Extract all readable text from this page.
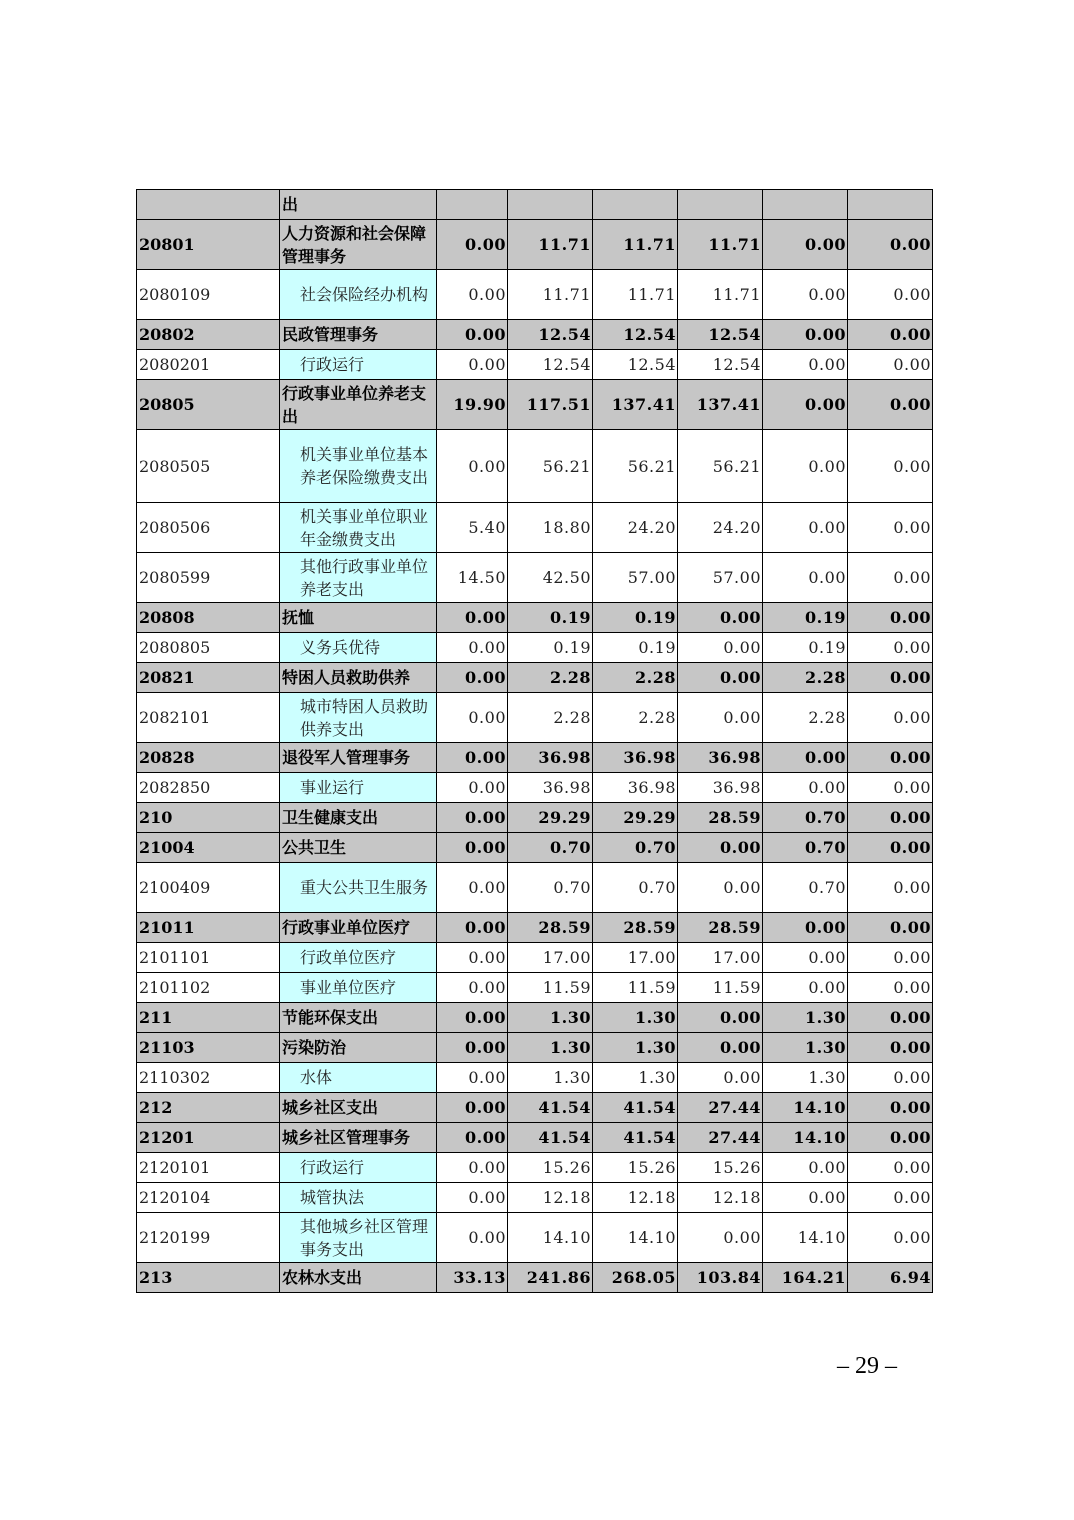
	出						
20801	人力资源和社会保障管理事务	0.00	11.71	11.71	11.71	0.00	0.00
2080109	社会保险经办机构	0.00	11.71	11.71	11.71	0.00	0.00
20802	民政管理事务	0.00	12.54	12.54	12.54	0.00	0.00
2080201	行政运行	0.00	12.54	12.54	12.54	0.00	0.00
20805	行政事业单位养老支出	19.90	117.51	137.41	137.41	0.00	0.00
2080505	机关事业单位基本养老保险缴费支出	0.00	56.21	56.21	56.21	0.00	0.00
2080506	机关事业单位职业年金缴费支出	5.40	18.80	24.20	24.20	0.00	0.00
2080599	其他行政事业单位养老支出	14.50	42.50	57.00	57.00	0.00	0.00
20808	抚恤	0.00	0.19	0.19	0.00	0.19	0.00
2080805	义务兵优待	0.00	0.19	0.19	0.00	0.19	0.00
20821	特困人员救助供养	0.00	2.28	2.28	0.00	2.28	0.00
2082101	城市特困人员救助供养支出	0.00	2.28	2.28	0.00	2.28	0.00
20828	退役军人管理事务	0.00	36.98	36.98	36.98	0.00	0.00
2082850	事业运行	0.00	36.98	36.98	36.98	0.00	0.00
210	卫生健康支出	0.00	29.29	29.29	28.59	0.70	0.00
21004	公共卫生	0.00	0.70	0.70	0.00	0.70	0.00
2100409	重大公共卫生服务	0.00	0.70	0.70	0.00	0.70	0.00
21011	行政事业单位医疗	0.00	28.59	28.59	28.59	0.00	0.00
2101101	行政单位医疗	0.00	17.00	17.00	17.00	0.00	0.00
2101102	事业单位医疗	0.00	11.59	11.59	11.59	0.00	0.00
211	节能环保支出	0.00	1.30	1.30	0.00	1.30	0.00
21103	污染防治	0.00	1.30	1.30	0.00	1.30	0.00
2110302	水体	0.00	1.30	1.30	0.00	1.30	0.00
212	城乡社区支出	0.00	41.54	41.54	27.44	14.10	0.00
21201	城乡社区管理事务	0.00	41.54	41.54	27.44	14.10	0.00
2120101	行政运行	0.00	15.26	15.26	15.26	0.00	0.00
2120104	城管执法	0.00	12.18	12.18	12.18	0.00	0.00
2120199	其他城乡社区管理事务支出	0.00	14.10	14.10	0.00	14.10	0.00
213	农林水支出	33.13	241.86	268.05	103.84	164.21	6.94
– 29 –
